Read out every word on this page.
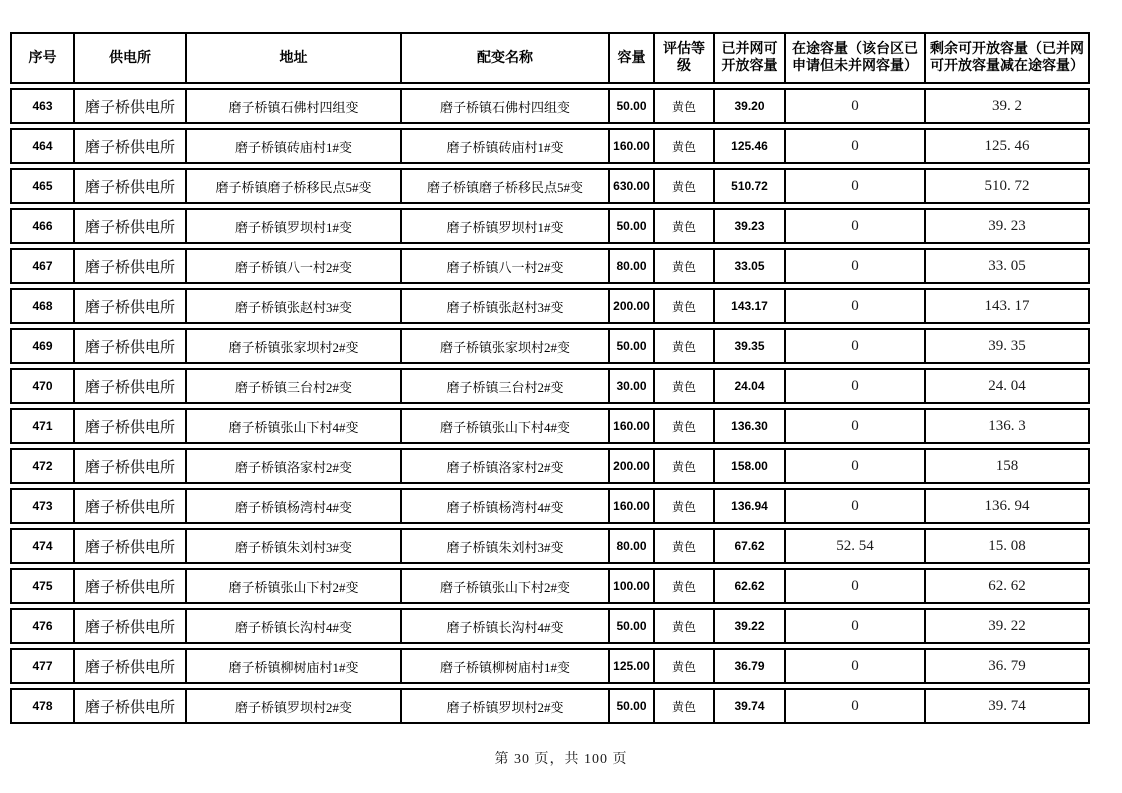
序号	供电所	地址	配变名称	容量	评估等级	已并网可开放容量	在途容量（该台区已申请但未并网容量）	剩余可开放容量（已并网可开放容量减在途容量）
463	磨子桥供电所	磨子桥镇石佛村四组变	磨子桥镇石佛村四组变	50.00	黄色	39.20	0	39. 2
464	磨子桥供电所	磨子桥镇砖庙村1#变	磨子桥镇砖庙村1#变	160.00	黄色	125.46	0	125. 46
465	磨子桥供电所	磨子桥镇磨子桥移民点5#变	磨子桥镇磨子桥移民点5#变	630.00	黄色	510.72	0	510. 72
466	磨子桥供电所	磨子桥镇罗坝村1#变	磨子桥镇罗坝村1#变	50.00	黄色	39.23	0	39. 23
467	磨子桥供电所	磨子桥镇八一村2#变	磨子桥镇八一村2#变	80.00	黄色	33.05	0	33. 05
468	磨子桥供电所	磨子桥镇张赵村3#变	磨子桥镇张赵村3#变	200.00	黄色	143.17	0	143. 17
469	磨子桥供电所	磨子桥镇张家坝村2#变	磨子桥镇张家坝村2#变	50.00	黄色	39.35	0	39. 35
470	磨子桥供电所	磨子桥镇三台村2#变	磨子桥镇三台村2#变	30.00	黄色	24.04	0	24. 04
471	磨子桥供电所	磨子桥镇张山下村4#变	磨子桥镇张山下村4#变	160.00	黄色	136.30	0	136. 3
472	磨子桥供电所	磨子桥镇洛家村2#变	磨子桥镇洛家村2#变	200.00	黄色	158.00	0	158
473	磨子桥供电所	磨子桥镇杨湾村4#变	磨子桥镇杨湾村4#变	160.00	黄色	136.94	0	136. 94
474	磨子桥供电所	磨子桥镇朱刘村3#变	磨子桥镇朱刘村3#变	80.00	黄色	67.62	52. 54	15. 08
475	磨子桥供电所	磨子桥镇张山下村2#变	磨子桥镇张山下村2#变	100.00	黄色	62.62	0	62. 62
476	磨子桥供电所	磨子桥镇长沟村4#变	磨子桥镇长沟村4#变	50.00	黄色	39.22	0	39. 22
477	磨子桥供电所	磨子桥镇柳树庙村1#变	磨子桥镇柳树庙村1#变	125.00	黄色	36.79	0	36. 79
478	磨子桥供电所	磨子桥镇罗坝村2#变	磨子桥镇罗坝村2#变	50.00	黄色	39.74	0	39. 74
第 30 页，共 100 页
